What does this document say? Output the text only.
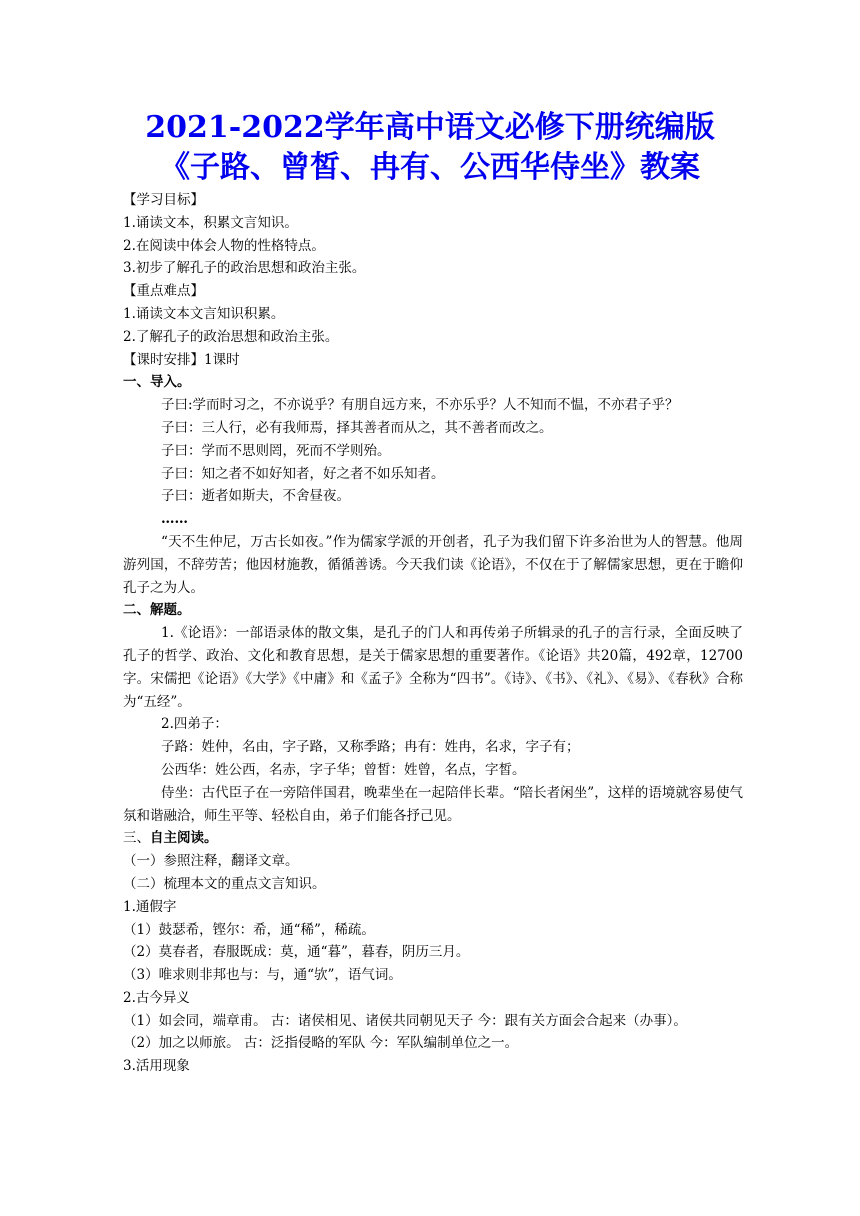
2021-2022学年高中语文必修下册统编版
《子路、曾皙、冉有、公西华侍坐》教案
【学习目标】
1.诵读文本，积累文言知识。
2.在阅读中体会人物的性格特点。
3.初步了解孔子的政治思想和政治主张。
【重点难点】
1.诵读文本文言知识积累。
2.了解孔子的政治思想和政治主张。
【课时安排】1课时
一、导入。
子曰:学而时习之，不亦说乎？有朋自远方来，不亦乐乎？人不知而不愠，不亦君子乎？
子曰：三人行，必有我师焉，择其善者而从之，其不善者而改之。
子曰：学而不思则罔，死而不学则殆。
子曰：知之者不如好知者，好之者不如乐知者。
子曰：逝者如斯夫，不舍昼夜。
……
“天不生仲尼，万古长如夜。”作为儒家学派的开创者，孔子为我们留下许多治世为人的智慧。他周游列国，不辞劳苦；他因材施教，循循善诱。今天我们读《论语》，不仅在于了解儒家思想，更在于瞻仰孔子之为人。
二、解题。
1.《论语》：一部语录体的散文集，是孔子的门人和再传弟子所辑录的孔子的言行录，全面反映了孔子的哲学、政治、文化和教育思想，是关于儒家思想的重要著作。《论语》共20篇，492章，12700字。宋儒把《论语》《大学》《中庸》和《孟子》全称为“四书”。《诗》、《书》、《礼》、《易》、《春秋》合称为“五经”。
2.四弟子：
子路：姓仲，名由，字子路，又称季路；冉有：姓冉，名求，字子有；
公西华：姓公西，名赤，字子华；曾皙：姓曾，名点，字皙。
侍坐：古代臣子在一旁陪伴国君，晚辈坐在一起陪伴长辈。“陪长者闲坐”，这样的语境就容易使气氛和谐融洽，师生平等、轻松自由，弟子们能各抒己见。
三、自主阅读。
（一）参照注释，翻译文章。
（二）梳理本文的重点文言知识。
1.通假字
（1）鼓瑟希，铿尔：希，通“稀”，稀疏。
（2）莫春者，春服既成：莫，通“暮”，暮春，阴历三月。
（3）唯求则非邦也与：与，通“欤”，语气词。
2.古今异义
（1）如会同，端章甫。 古：诸侯相见、诸侯共同朝见天子 今：跟有关方面会合起来（办事）。
（2）加之以师旅。 古：泛指侵略的军队 今：军队编制单位之一。
3.活用现象
